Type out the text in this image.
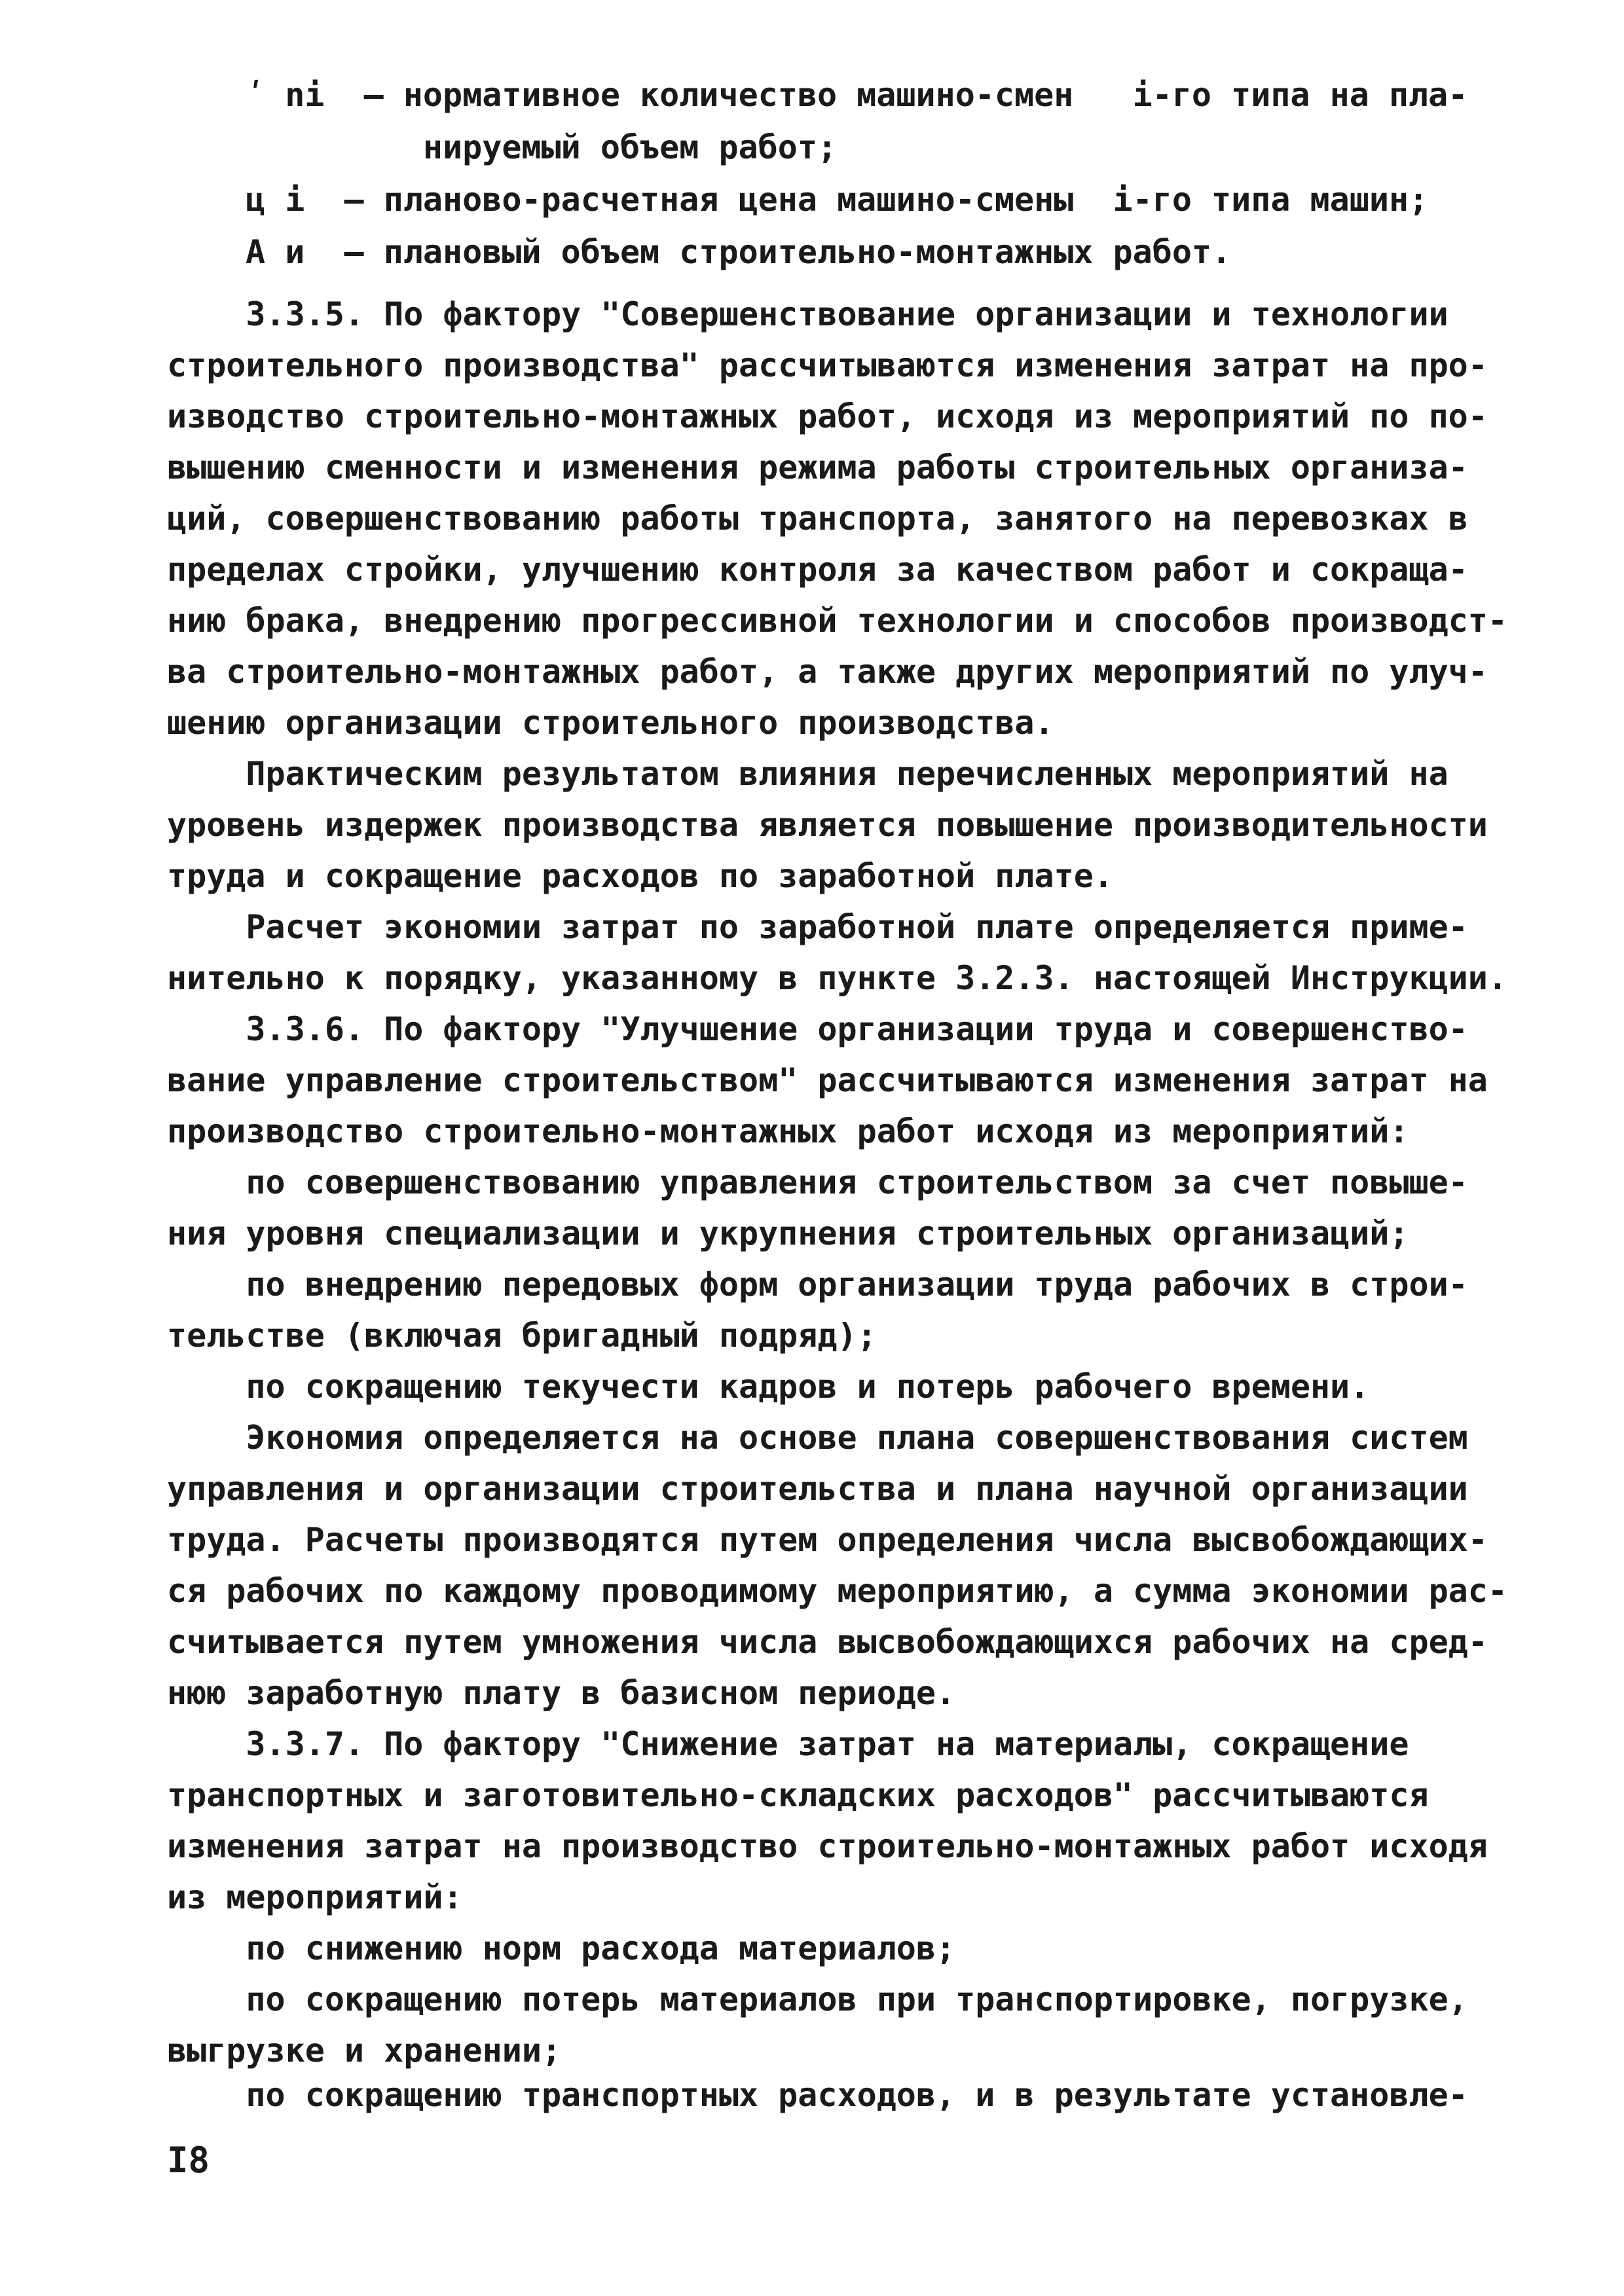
ʹ ni  – нормативное количество машино-смен   i-го типа на пла-
нируемый объем работ;
ц i  – планово-расчетная цена машино-смены  i-го типа машин;
А и  – плановый объем строительно-монтажных работ.
3.3.5. По фактору "Совершенствование организации и технологии
строительного производства" рассчитываются изменения затрат на про-
изводство строительно-монтажных работ, исходя из мероприятий по по-
вышению сменности и изменения режима работы строительных организа-
ций, совершенствованию работы транспорта, занятого на перевозках в
пределах стройки, улучшению контроля за качеством работ и сокраща-
нию брака, внедрению прогрессивной технологии и способов производст-
ва строительно-монтажных работ, а также других мероприятий по улуч-
шению организации строительного производства.
Практическим результатом влияния перечисленных мероприятий на
уровень издержек производства является повышение производительности
труда и сокращение расходов по заработной плате.
Расчет экономии затрат по заработной плате определяется приме-
нительно к порядку, указанному в пункте 3.2.3. настоящей Инструкции.
3.3.6. По фактору "Улучшение организации труда и совершенство-
вание управление строительством" рассчитываются изменения затрат на
производство строительно-монтажных работ исходя из мероприятий:
по совершенствованию управления строительством за счет повыше-
ния уровня специализации и укрупнения строительных организаций;
по внедрению передовых форм организации труда рабочих в строи-
тельстве (включая бригадный подряд);
по сокращению текучести кадров и потерь рабочего времени.
Экономия определяется на основе плана совершенствования систем
управления и организации строительства и плана научной организации
труда. Расчеты производятся путем определения числа высвобождающих-
ся рабочих по каждому проводимому мероприятию, а сумма экономии рас-
считывается путем умножения числа высвобождающихся рабочих на сред-
нюю заработную плату в базисном периоде.
3.3.7. По фактору "Снижение затрат на материалы, сокращение
транспортных и заготовительно-складских расходов" рассчитываются
изменения затрат на производство строительно-монтажных работ исходя
из мероприятий:
по снижению норм расхода материалов;
по сокращению потерь материалов при транспортировке, погрузке,
выгрузке и хранении;
по сокращению транспортных расходов, и в результате установле-
I8
